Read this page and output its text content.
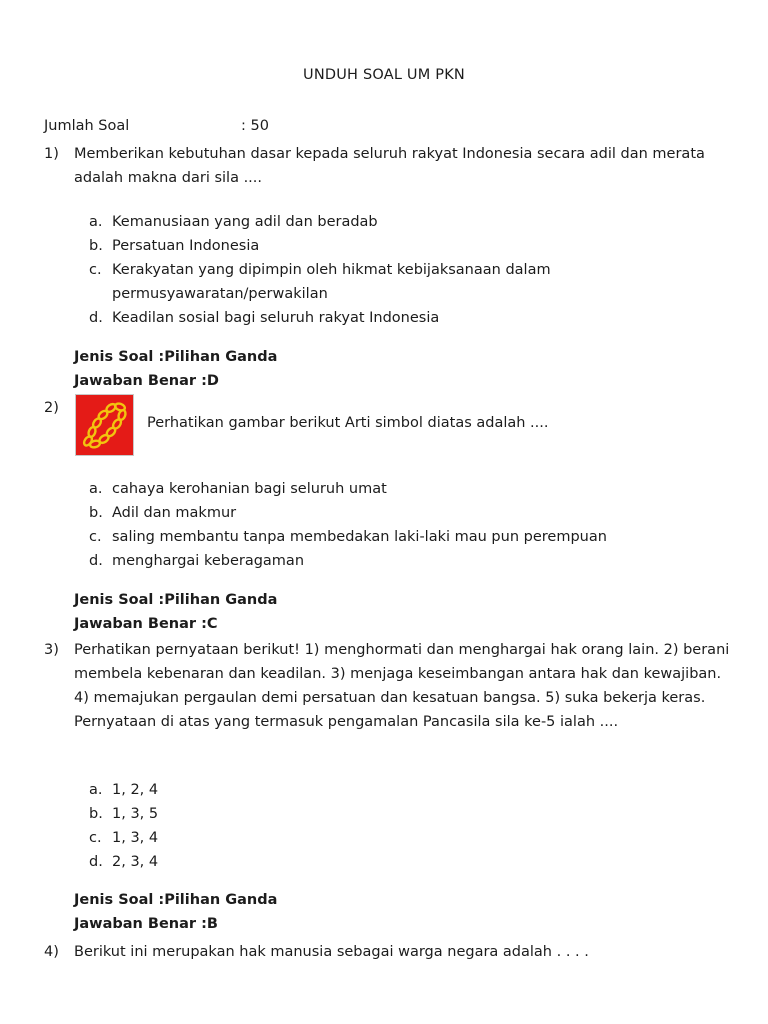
UNDUH SOAL UM PKN
Jumlah Soal	: 50
1) Memberikan kebutuhan dasar kepada seluruh rakyat Indonesia secara adil dan merata adalah makna dari sila ....
a. Kemanusiaan yang adil dan beradab
b. Persatuan Indonesia
c. Kerakyatan yang dipimpin oleh hikmat kebijaksanaan dalam permusyawaratan/perwakilan
d. Keadilan sosial bagi seluruh rakyat Indonesia
Jenis Soal :Pilihan Ganda
Jawaban Benar :D
2)
Perhatikan gambar berikut Arti simbol diatas adalah ....
a. cahaya kerohanian bagi seluruh umat
b. Adil dan makmur
c. saling membantu tanpa membedakan laki-laki mau pun perempuan
d. menghargai keberagaman
Jenis Soal :Pilihan Ganda
Jawaban Benar :C
3) Perhatikan pernyataan berikut! 1) menghormati dan menghargai hak orang lain. 2) berani membela kebenaran dan keadilan. 3) menjaga keseimbangan antara hak dan kewajiban. 4) memajukan pergaulan demi persatuan dan kesatuan bangsa. 5) suka bekerja keras. Pernyataan di atas yang termasuk pengamalan Pancasila sila ke-5 ialah ....
a. 1, 2, 4
b. 1, 3, 5
c. 1, 3, 4
d. 2, 3, 4
Jenis Soal :Pilihan Ganda
Jawaban Benar :B
4) Berikut ini merupakan hak manusia sebagai warga negara adalah . . . .
